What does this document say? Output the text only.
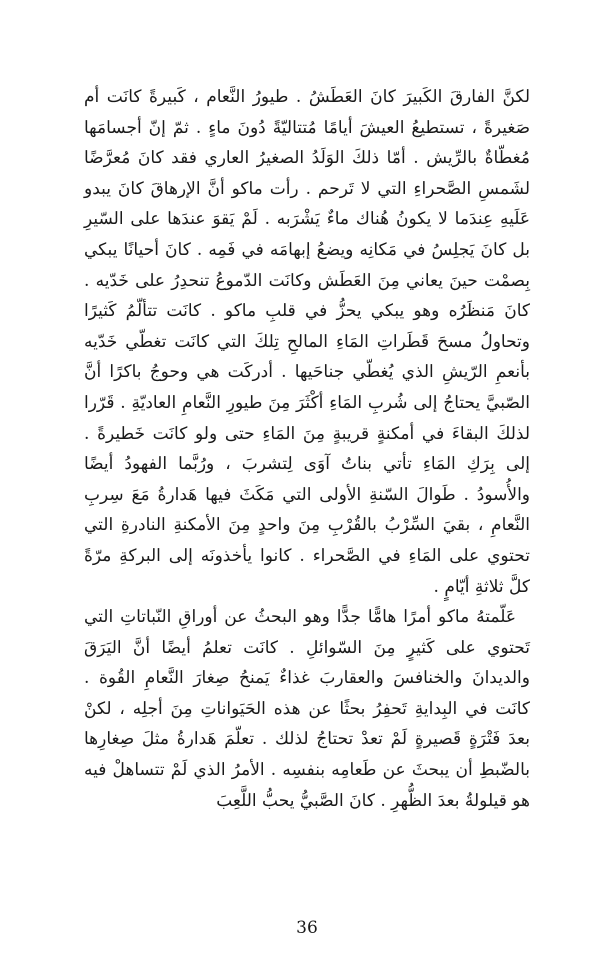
لكنَّ الفارقَ الكَبيرَ كانَ العَطَشُ . طيورُ النَّعام ، كَبيرةً كانَت أم صَغيرةً ، تستطيعُ العيشَ أيامًا مُتتاليّةً دُونَ ماءٍ . ثمّ إنّ أجسامَها مُغطّاةٌ بالرِّيش . أمّا ذلكَ الوَلَدُ الصغيرُ العاري فقد كانَ مُعرَّضًا لشَمسِ الصَّحراءِ التي لا تَرحم . رأت ماكو أنَّ الإرهاقَ كانَ يبدو عَلَيهِ عِندَما لا يكونُ هُناك ماءٌ يَشْرَبه . لَمْ يَقوَ عندَها على السّيرِ بل كانَ يَجلِسُ في مَكانِه ويضعُ إبهامَه في فَمِه . كانَ أحيانًا يبكي بِصمْت حينَ يعاني مِنَ العَطَش وكانَت الدّموعُ تنحدِرُ على خَدّيه . كانَ مَنظَرُه وهو يبكي يحزُّ في قلبِ ماكو . كانَت تتألّمُ كَثيرًا وتحاولُ مسحَ قَطَراتِ المَاءِ المالحِ تِلكَ التي كانَت تغطّي خَدّيه بأنعمِ الرّيشِ الذي يُغطّي جناحَيها . أدركَت هي وحوجُ باكرًا أنَّ الصّبيَّ يحتاجُ إلى شُربِ المَاءِ أكْثَرَ مِنَ طيورِ النَّعامِ العاديّةِ . قَرّرا لذلكَ البقاءَ في أمكنةٍ قريبةٍ مِنَ المَاءِ حتى ولو كانَت خَطيرةً . إلى بِرَكِ المَاءِ تأتي بناتُ آوَى لِتشربَ ، ورُبَّما الفهودُ أيضًا والأُسودُ . طَوالَ السّنةِ الأولى التي مَكَثَ فيها هَدارةُ مَعَ سِربِ النَّعامِ ، بقيَ السِّرْبُ بالقُرْبِ مِنَ واحدٍ مِنَ الأمكنةِ النادرةِ التي تحتوي على المَاءِ في الصَّحراء . كانوا يأخذونَه إلى البركةِ مرّةً كلَّ ثلاثةِ أيّامٍ .

عَلّمتهُ ماكو أمرًا هامًّا جدًّا وهو البحثُ عن أوراقِ النّباتاتِ التي تَحتوي على كَثيرٍ مِنَ السّوائلِ . كانَت تعلمُ أيضًا أنَّ اليَرَقَ والديدانَ والخنافسَ والعقاربَ غذاءٌ يَمنحُ صِغارَ النَّعامِ القُوة . كانَت في البِدايةِ تَحفِرُ بحثًا عن هذه الحَيَواناتِ مِنَ أجلِه ، لكنْ بعدَ فَتْرَةٍ قَصيرةٍ لَمْ تعدْ تحتاجُ لذلك . تعلّمَ هَدارةُ مثلَ صِغارِها بالضّبطِ أن يبحثَ عن طَعامِه بنفسِه . الأمرُ الذي لَمْ تتساهلْ فيه هو قيلولةُ بعدَ الظُّهرِ . كانَ الصَّبيُّ يحبُّ اللَّعِبَ

36
